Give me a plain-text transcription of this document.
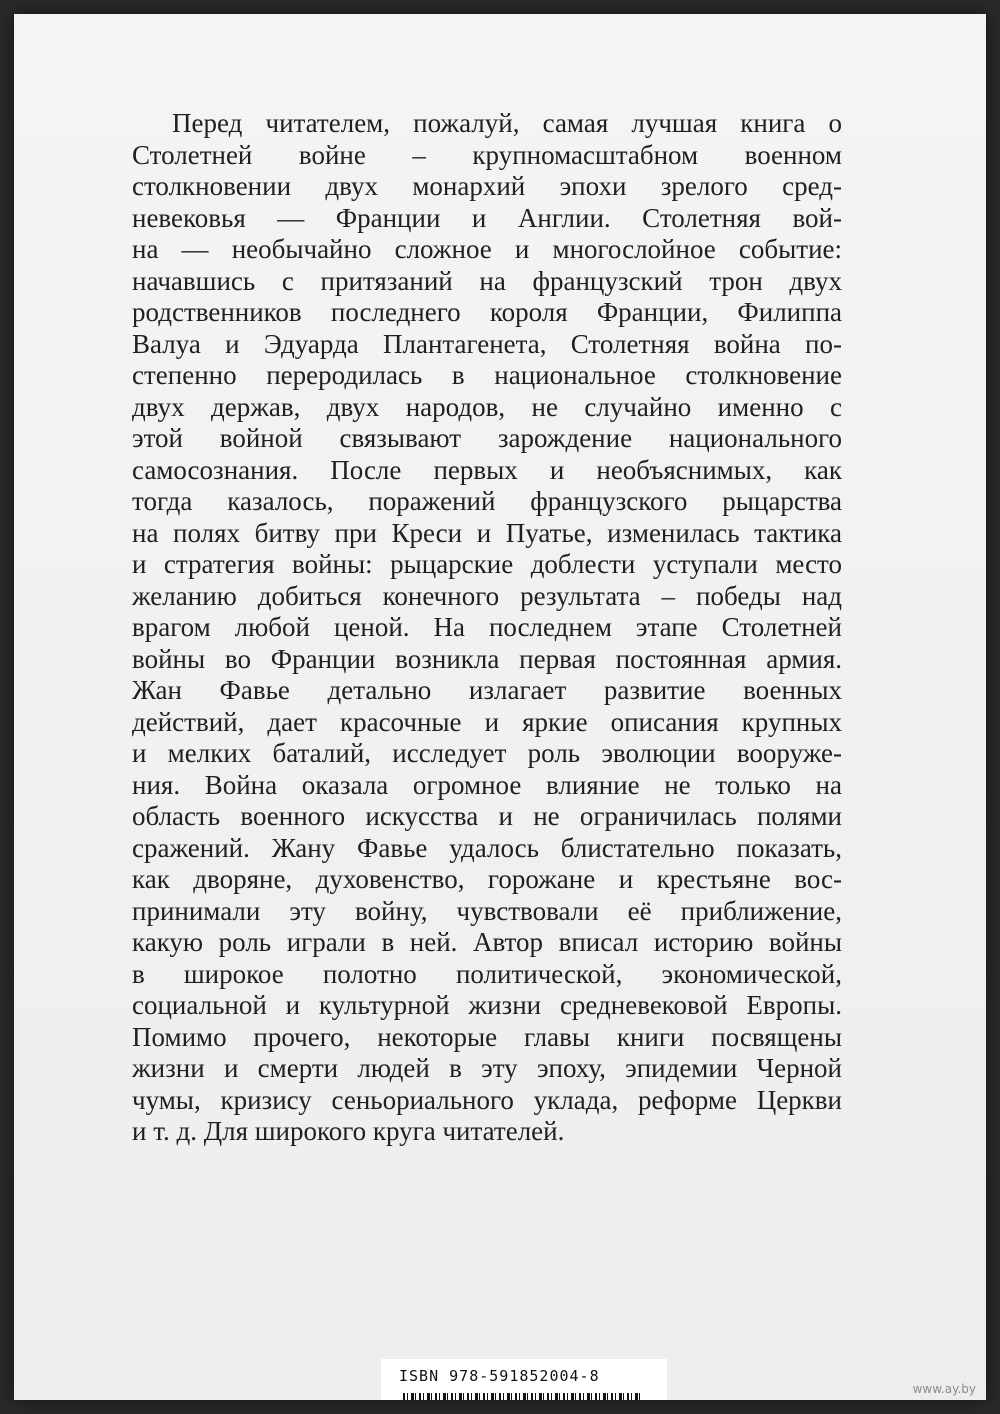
Перед читателем, пожалуй, самая лучшая книга о
Столетней войне – крупномасштабном военном
столкновении двух монархий эпохи зрелого сред-
невековья — Франции и Англии. Столетняя вой-
на — необычайно сложное и многослойное событие:
начавшись с притязаний на французский трон двух
родственников последнего короля Франции, Филиппа
Валуа и Эдуарда Плантагенета, Столетняя война по-
степенно переродилась в национальное столкновение
двух держав, двух народов, не случайно именно с
этой войной связывают зарождение национального
самосознания. После первых и необъяснимых, как
тогда казалось, поражений французского рыцарства
на полях битву при Креси и Пуатье, изменилась тактика
и стратегия войны: рыцарские доблести уступали место
желанию добиться конечного результата – победы над
врагом любой ценой. На последнем этапе Столетней
войны во Франции возникла первая постоянная армия.
Жан Фавье детально излагает развитие военных
действий, дает красочные и яркие описания крупных
и мелких баталий, исследует роль эволюции вооруже-
ния. Война оказала огромное влияние не только на
область военного искусства и не ограничилась полями
сражений. Жану Фавье удалось блистательно показать,
как дворяне, духовенство, горожане и крестьяне вос-
принимали эту войну, чувствовали её приближение,
какую роль играли в ней. Автор вписал историю войны
в широкое полотно политической, экономической,
социальной и культурной жизни средневековой Европы.
Помимо прочего, некоторые главы книги посвящены
жизни и смерти людей в эту эпоху, эпидемии Черной
чумы, кризису сеньориального уклада, реформе Церкви
и т. д. Для широкого круга читателей.

ISBN 978-591852004-8
www.ay.by
